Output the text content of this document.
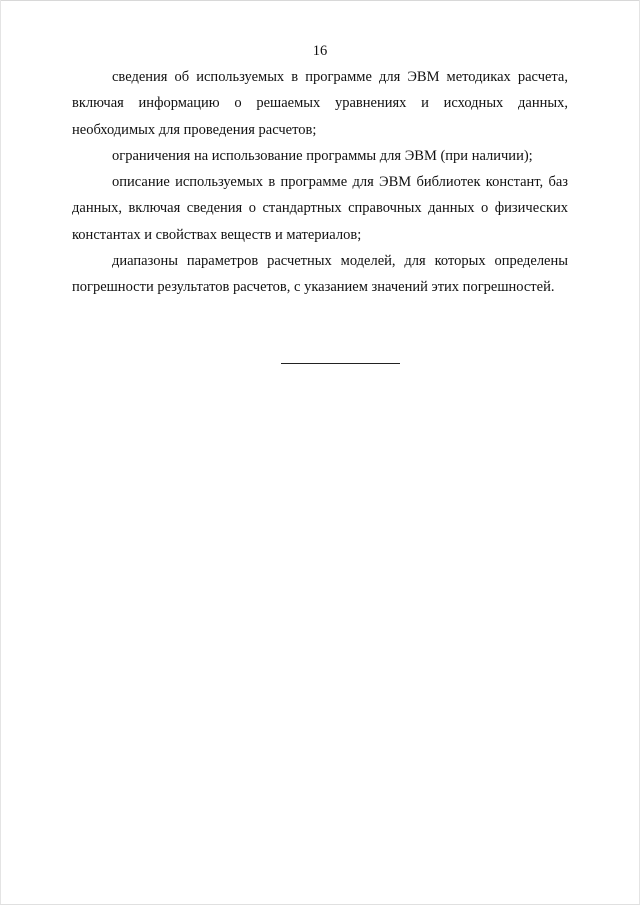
16

сведения об используемых в программе для ЭВМ методиках расчета, включая информацию о решаемых уравнениях и исходных данных, необходимых для проведения расчетов;

ограничения на использование программы для ЭВМ (при наличии);

описание используемых в программе для ЭВМ библиотек констант, баз данных, включая сведения о стандартных справочных данных о физических константах и свойствах веществ и материалов;

диапазоны параметров расчетных моделей, для которых определены погрешности результатов расчетов, с указанием значений этих погрешностей.
